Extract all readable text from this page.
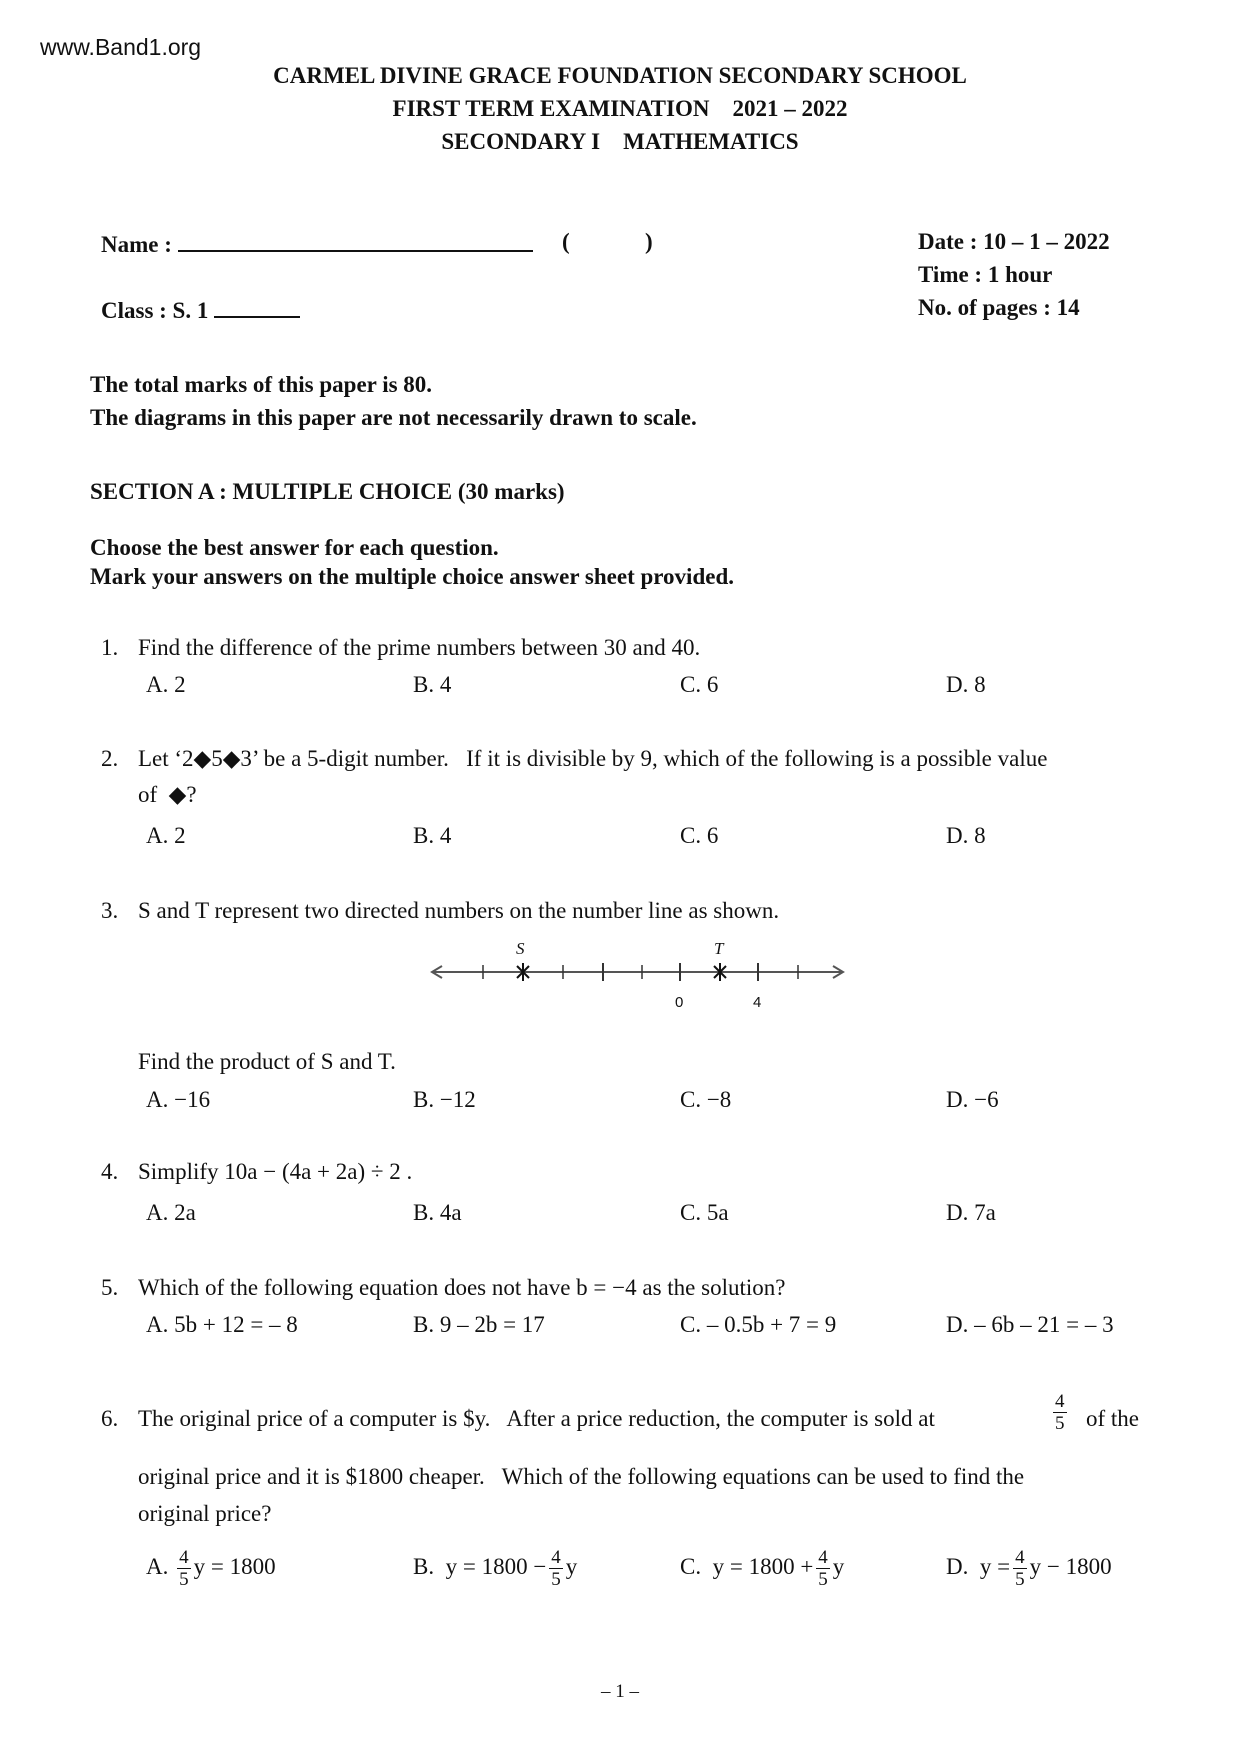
www.Band1.org
CARMEL DIVINE GRACE FOUNDATION SECONDARY SCHOOL
FIRST TERM EXAMINATION    2021 – 2022
SECONDARY I    MATHEMATICS
Name :	(	)
Class : S. 1
Date : 10 – 1 – 2022
Time : 1 hour
No. of pages : 14
The total marks of this paper is 80.
The diagrams in this paper are not necessarily drawn to scale.
SECTION A : MULTIPLE CHOICE (30 marks)
Choose the best answer for each question.
Mark your answers on the multiple choice answer sheet provided.
1. Find the difference of the prime numbers between 30 and 40.
A. 2	B. 4	C. 6	D. 8
2. Let ‘2◆5◆3’ be a 5-digit number.   If it is divisible by 9, which of the following is a possible value
of  ◆?
A. 2	B. 4	C. 6	D. 8
3. S and T represent two directed numbers on the number line as shown.
S	T
0	4
Find the product of S and T.
A. −16	B. −12	C. −8	D. −6
4. Simplify 10a − (4a + 2a) ÷ 2 .
A. 2a	B. 4a	C. 5a	D. 7a
5. Which of the following equation does not have b = −4 as the solution?
A. 5b + 12 = – 8	B. 9 – 2b = 17	C. – 0.5b + 7 = 9	D. – 6b – 21 = – 3
6. The original price of a computer is $y.   After a price reduction, the computer is sold at	$\frac{4}{5}$ of the
original price and it is $1800 cheaper.   Which of the following equations can be used to find the
original price?
A. $\frac{4}{5}$ y = 1800	B. $y = 1800 - \frac{4}{5}$ y	C. $y = 1800 + \frac{4}{5}$ y	D. $y = \frac{4}{5}$ y − 1800
– 1 –
